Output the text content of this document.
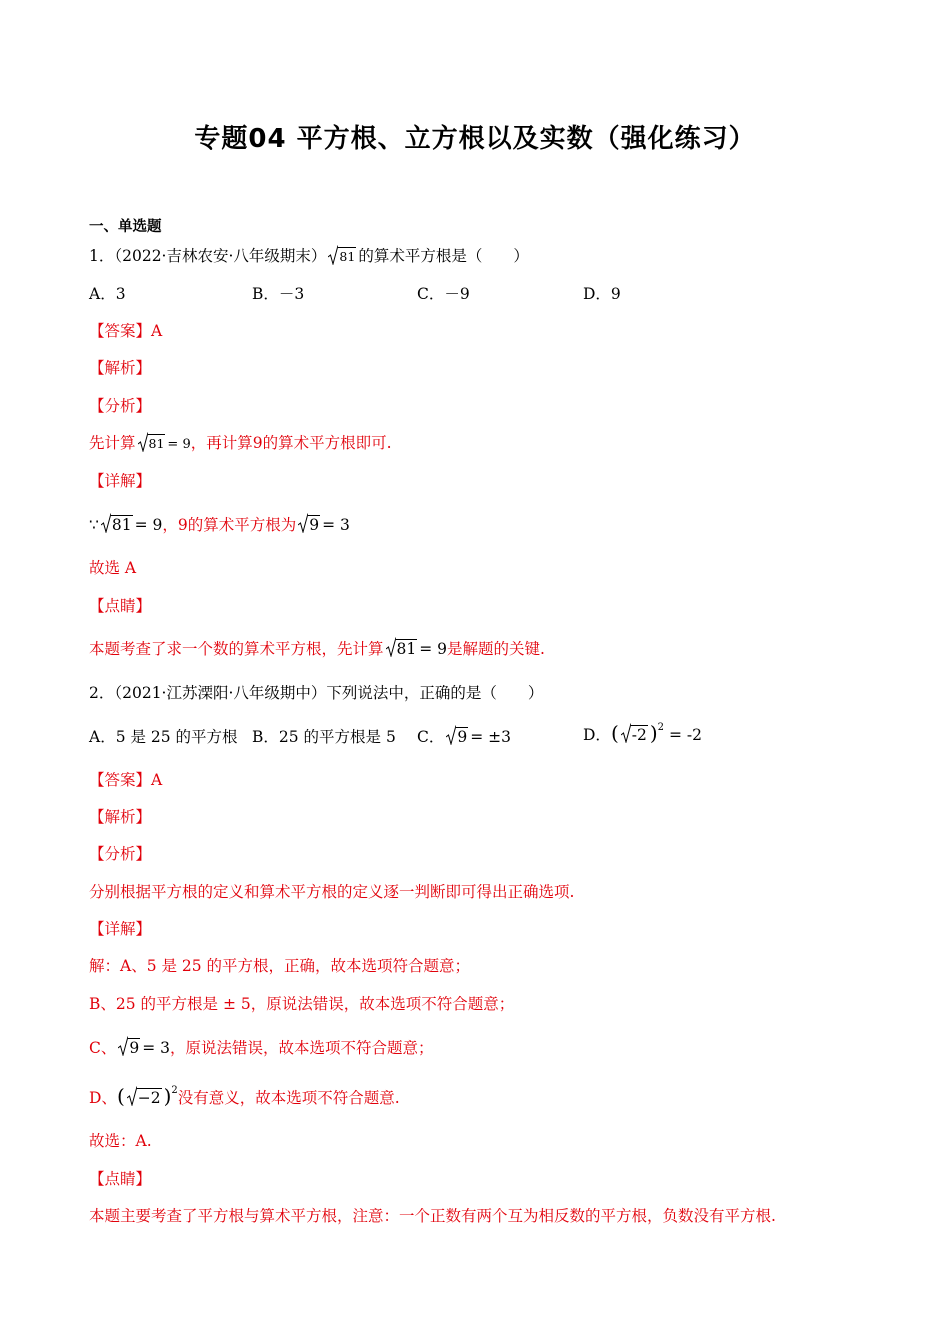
专题04 平方根、立方根以及实数（强化练习）
一、单选题
1．（2022·吉林农安·八年级期末） 81 的算术平方根是（　　）
A．3	B．－3	C．－9	D．9
【答案】A
【解析】
【分析】
先计算 81 = 9，再计算9的算术平方根即可.
【详解】
∵ 81 = 9，9的算术平方根为 9 = 3
故选 A
【点睛】
本题考查了求一个数的算术平方根，先计算 81 = 9是解题的关键.
2．（2021·江苏溧阳·八年级期中）下列说法中，正确的是（　　）
A．5 是 25 的平方根 B．25 的平方根是 5 C． 9 = ±3	D．( -2 )$^2$ = -2
【答案】A
【解析】
【分析】
分别根据平方根的定义和算术平方根的定义逐一判断即可得出正确选项.
【详解】
解：A、5 是 25 的平方根，正确，故本选项符合题意；
B、25 的平方根是 ± 5，原说法错误，故本选项不符合题意；
C、 9 = 3，原说法错误，故本选项不符合题意；
D、( −2 )$^2$没有意义，故本选项不符合题意.
故选：A.
【点睛】
本题主要考查了平方根与算术平方根，注意：一个正数有两个互为相反数的平方根，负数没有平方根.
